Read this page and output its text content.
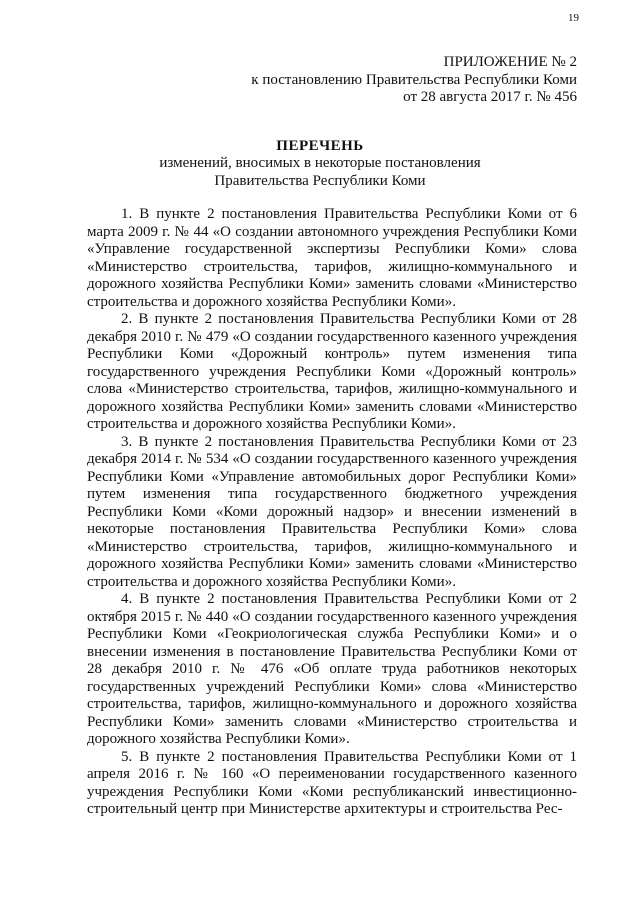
19
ПРИЛОЖЕНИЕ № 2
к постановлению Правительства Республики Коми
от 28 августа 2017 г. № 456
ПЕРЕЧЕНЬ
изменений, вносимых в некоторые постановления
Правительства Республики Коми

1. В пункте 2 постановления Правительства Республики Коми от 6 марта 2009 г. № 44 «О создании автономного учреждения Республики Коми «Управление государственной экспертизы Республики Коми» слова «Министерство строительства, тарифов, жилищно-коммунального и дорожного хозяйства Республики Коми» заменить словами «Министерство строительства и дорожного хозяйства Республики Коми».

2. В пункте 2 постановления Правительства Республики Коми от 28 декабря 2010 г. № 479 «О создании государственного казенного учреждения Республики Коми «Дорожный контроль» путем изменения типа государственного учреждения Республики Коми «Дорожный контроль» слова «Министерство строительства, тарифов, жилищно-коммунального и дорожного хозяйства Республики Коми» заменить словами «Министерство строительства и дорожного хозяйства Республики Коми».

3. В пункте 2 постановления Правительства Республики Коми от 23 декабря 2014 г. № 534 «О создании государственного казенного учреждения Республики Коми «Управление автомобильных дорог Республики Коми» путем изменения типа государственного бюджетного учреждения Республики Коми «Коми дорожный надзор» и внесении изменений в некоторые постановления Правительства Республики Коми» слова «Министерство строительства, тарифов, жилищно-коммунального и дорожного хозяйства Республики Коми» заменить словами «Министерство строительства и дорожного хозяйства Республики Коми».

4. В пункте 2 постановления Правительства Республики Коми от 2 октября 2015 г. № 440 «О создании государственного казенного учреждения Республики Коми «Геокриологическая служба Республики Коми» и о внесении изменения в постановление Правительства Республики Коми от 28 декабря 2010 г. № 476 «Об оплате труда работников некоторых государственных учреждений Республики Коми» слова «Министерство строительства, тарифов, жилищно-коммунального и дорожного хозяйства Республики Коми» заменить словами «Министерство строительства и дорожного хозяйства Республики Коми».

5. В пункте 2 постановления Правительства Республики Коми от 1 апреля 2016 г. № 160 «О переименовании государственного казенного учреждения Республики Коми «Коми республиканский инвестиционно-строительный центр при Министерстве архитектуры и строительства Рес-
